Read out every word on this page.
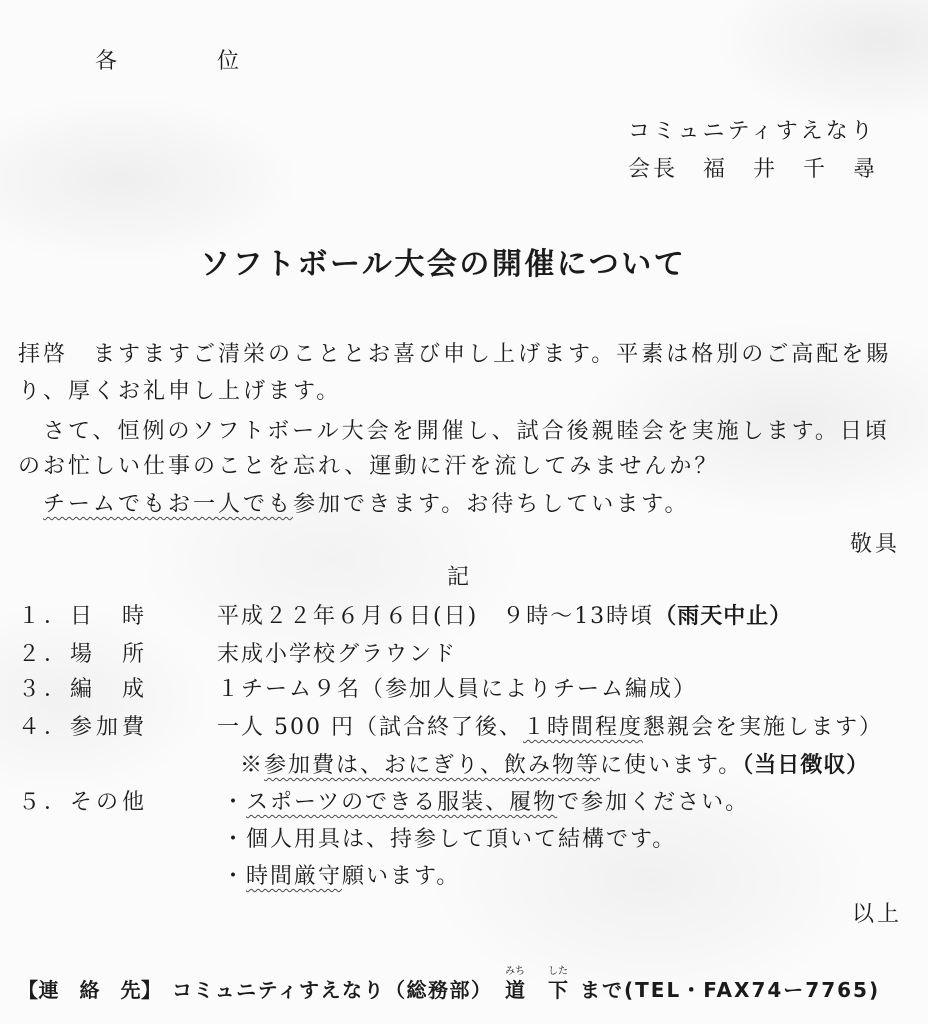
各	位
コミュニティすえなり
会長　福　井　千　尋
ソフトボール大会の開催について
拝啓　ますますご清栄のこととお喜び申し上げます。平素は格別のご高配を賜
り、厚くお礼申し上げます。
さて、恒例のソフトボール大会を開催し、試合後親睦会を実施します。日頃
のお忙しい仕事のことを忘れ、運動に汗を流してみませんか？
チームでもお一人でも参加できます。お待ちしています。
敬具
記
１．日　時	平成２２年６月６日(日)　 ９時～13時頃（雨天中止）
２．場　所	末成小学校グラウンド
３．編　成	１チーム９名（参加人員によりチーム編成）
４．参加費	一人 500 円（試合終了後、１時間程度懇親会を実施します）
※参加費は、おにぎり、飲み物等に使います。（当日徴収）
５．その他	・スポーツのできる服装、履物で参加ください。
・個人用具は、持参して頂いて結構です。
・時間厳守願います。
以上
【連　絡　先】 コミュニティすえなり（総務部） 道
みち
下
した
まで(TEL・FAX74ー7765)
